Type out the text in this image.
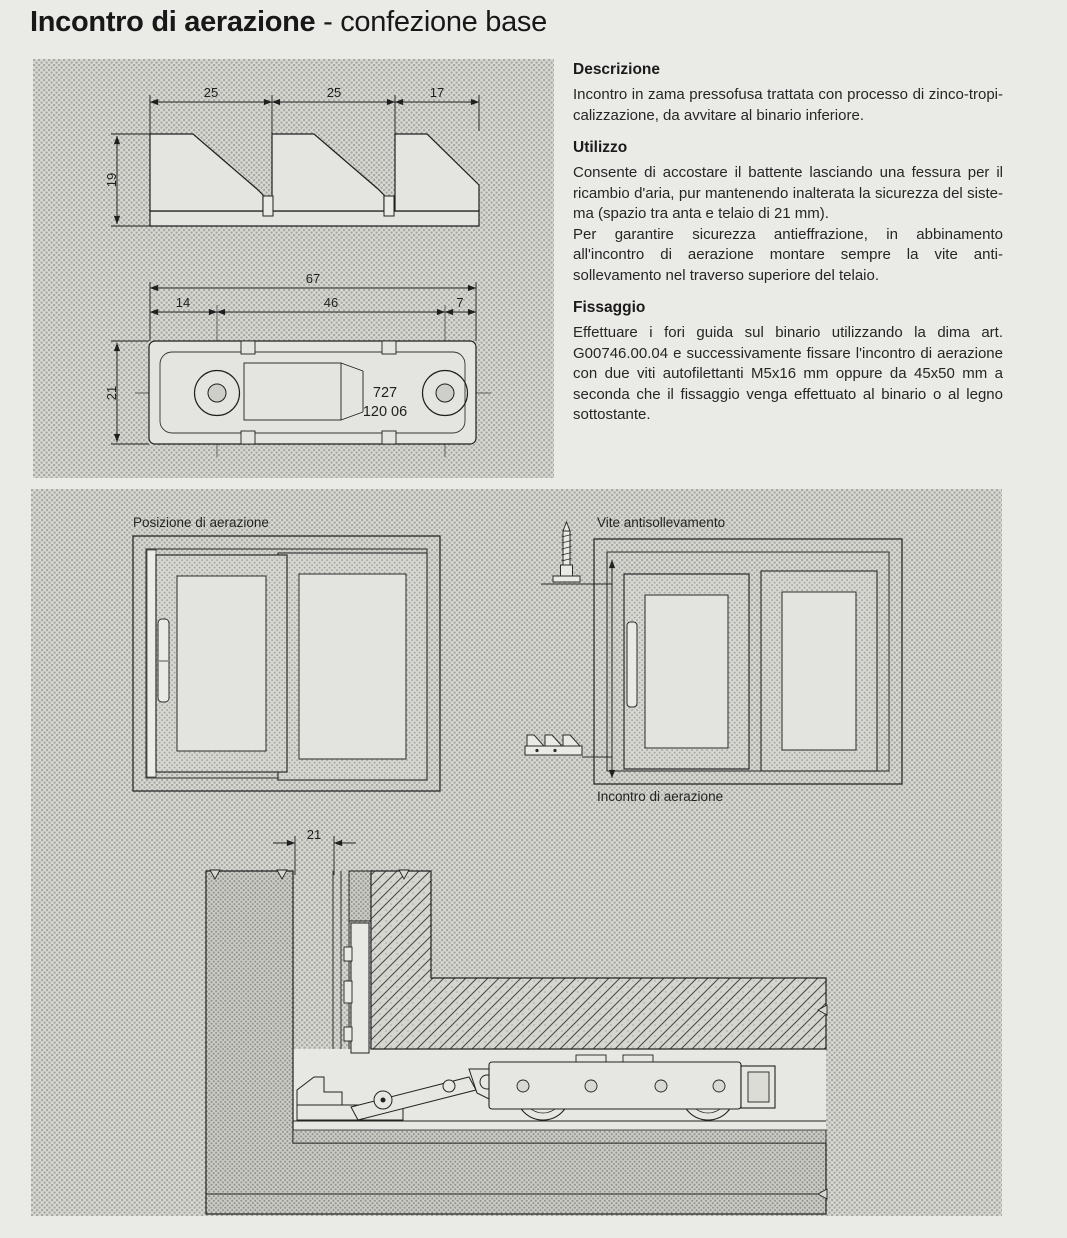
Incontro di aerazione - confezione base
25	25	17
19
67
14	46	7
21	727
120 06
Descrizione

Incontro in zama pressofusa trattata con processo di zinco-tropicalizzazione, da avvitare al binario inferiore.

Utilizzo

Consente di accostare il battente lasciando una fessura per il ricambio d'aria, pur mantenendo inalterata la sicurezza del sistema (spazio tra anta e telaio di 21 mm).

Per garantire sicurezza antieffrazione, in abbinamento all'incontro di aerazione montare sempre la vite anti-sollevamento nel traverso superiore del telaio.

Fissaggio

Effettuare i fori guida sul binario utilizzando la dima art. G00746.00.04 e successivamente fissare l'incontro di aerazione con due viti autofilettanti M5x16 mm oppure da 45x50 mm a seconda che il fissaggio venga effettuato al binario o al legno sottostante.

Posizione di aerazione	Vite antisollevamento
Incontro di aerazione
21
